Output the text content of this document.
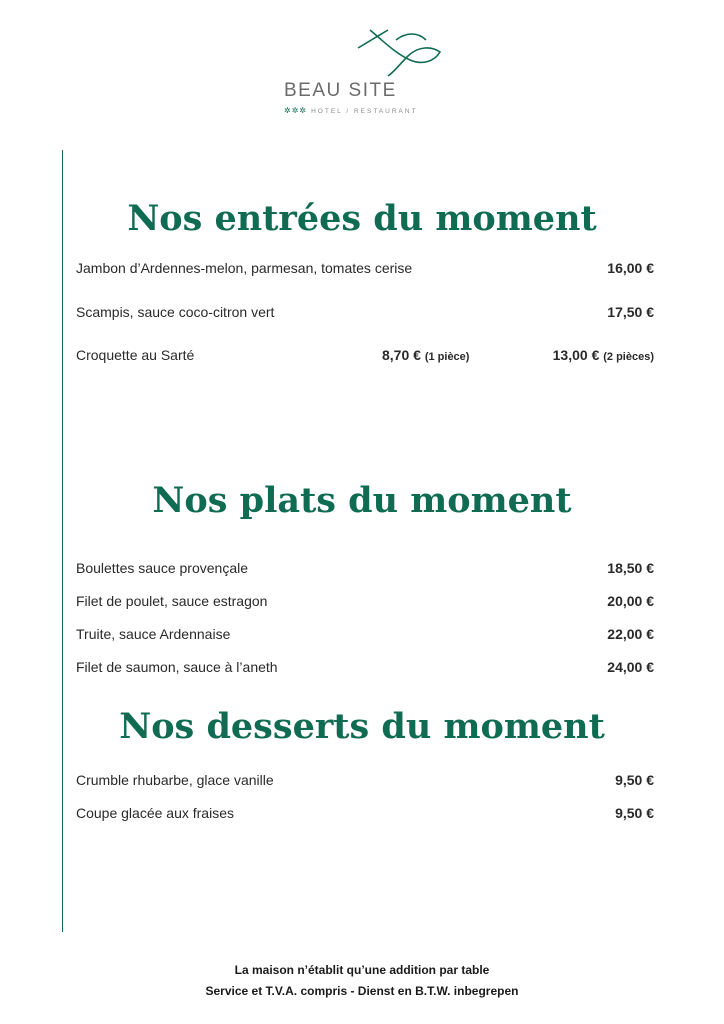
BEAU SITE
✲✲✲ HOTEL / RESTAURANT
Nos entrées du moment
Jambon d’Ardennes-melon, parmesan, tomates cerise	16,00 €
Scampis, sauce coco-citron vert	17,50 €
Croquette au Sarté	8,70 € (1 pièce)	13,00 € (2 pièces)
Nos plats du moment
Boulettes sauce provençale	18,50 €
Filet de poulet, sauce estragon	20,00 €
Truite, sauce Ardennaise	22,00 €
Filet de saumon, sauce à l’aneth	24,00 €
Nos desserts du moment
Crumble rhubarbe, glace vanille	9,50 €
Coupe glacée aux fraises	9,50 €
La maison n’établit qu’une addition par table
Service et T.V.A. compris - Dienst en B.T.W. inbegrepen
